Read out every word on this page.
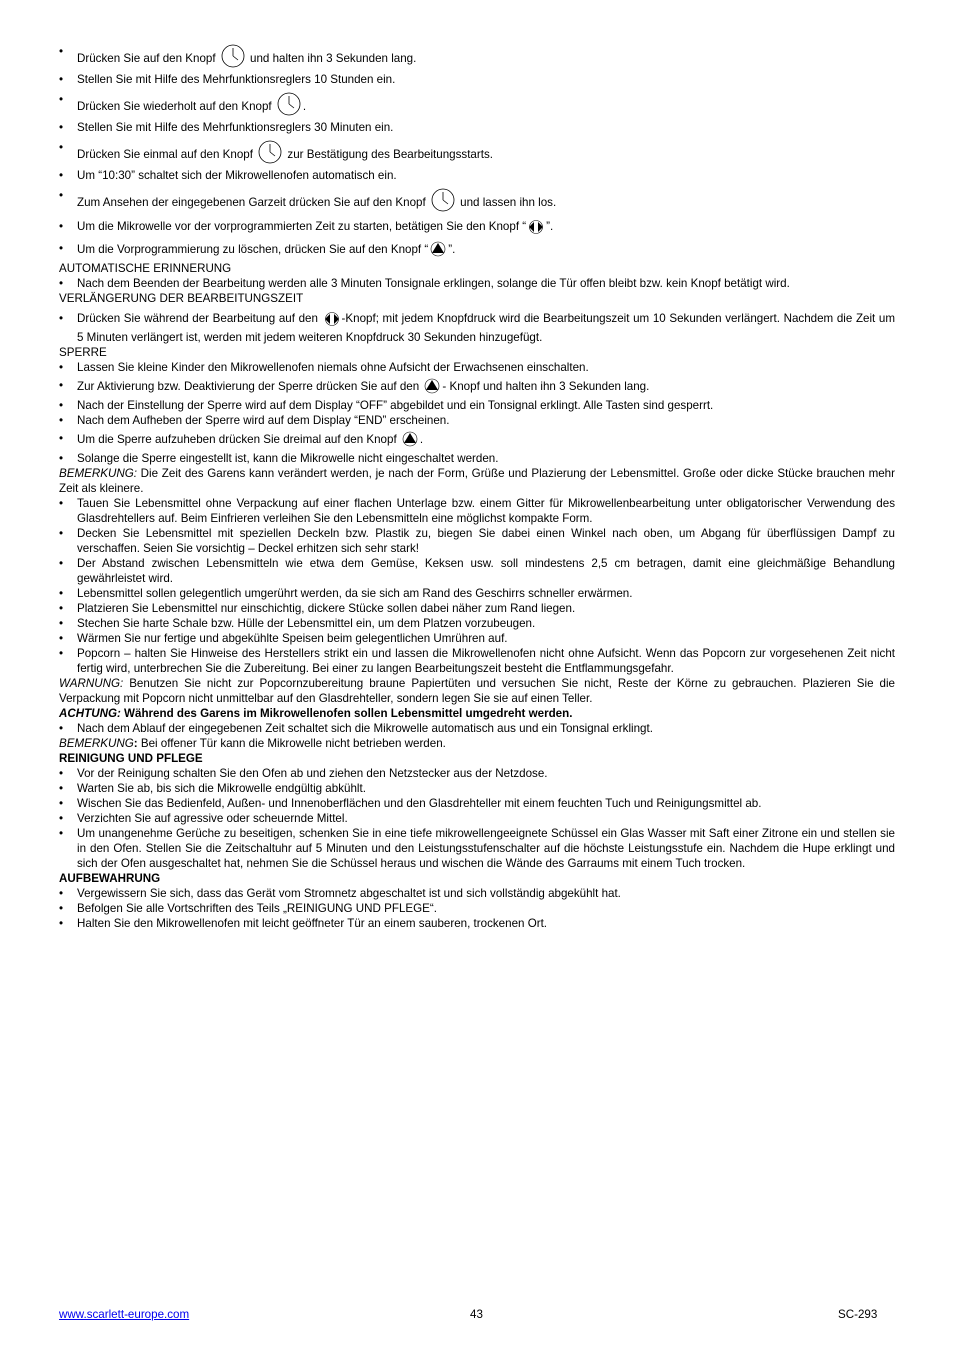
• Drücken Sie auf den Knopf  und halten ihn 3 Sekunden lang.
• Stellen Sie mit Hilfe des Mehrfunktionsreglers 10 Stunden ein.
• Drücken Sie wiederholt auf den Knopf .
• Stellen Sie mit Hilfe des Mehrfunktionsreglers 30 Minuten ein.
• Drücken Sie einmal auf den Knopf  zur Bestätigung des Bearbeitungsstarts.
• Um “10:30” schaltet sich der Mikrowellenofen automatisch ein.
• Zum Ansehen der eingegebenen Garzeit drücken Sie auf den Knopf  und lassen ihn los.
• Um die Mikrowelle vor der vorprogrammierten Zeit zu starten, betätigen Sie den Knopf “ ”.
• Um die Vorprogrammierung zu löschen, drücken Sie auf den Knopf “ ”.
AUTOMATISCHE ERINNERUNG
• Nach dem Beenden der Bearbeitung werden alle 3 Minuten Tonsignale erklingen, solange die Tür offen bleibt bzw. kein Knopf betätigt wird.
VERLÄNGERUNG DER BEARBEITUNGSZEIT
• Drücken Sie während der Bearbeitung auf den -Knopf; mit jedem Knopfdruck wird die Bearbeitungszeit um 10 Sekunden verlängert. Nachdem die Zeit um 5 Minuten verlängert ist, werden mit jedem weiteren Knopfdruck 30 Sekunden hinzugefügt.
SPERRE
• Lassen Sie kleine Kinder den Mikrowellenofen niemals ohne Aufsicht der Erwachsenen einschalten.
• Zur Aktivierung bzw. Deaktivierung der Sperre drücken Sie auf den - Knopf und halten ihn 3 Sekunden lang.
• Nach der Einstellung der Sperre wird auf dem Display “OFF” abgebildet und ein Tonsignal erklingt. Alle Tasten sind gesperrt.
• Nach dem Aufheben der Sperre wird auf dem Display “END” erscheinen.
• Um die Sperre aufzuheben drücken Sie dreimal auf den Knopf .
• Solange die Sperre eingestellt ist, kann die Mikrowelle nicht eingeschaltet werden.
BEMERKUNG: Die Zeit des Garens kann verändert werden, je nach der Form, Grüße und Plazierung der Lebensmittel. Große oder dicke Stücke brauchen mehr Zeit als kleinere.
• Tauen Sie Lebensmittel ohne Verpackung auf einer flachen Unterlage bzw. einem Gitter für Mikrowellenbearbeitung unter obligatorischer Verwendung des Glasdrehtellers auf. Beim Einfrieren verleihen Sie den Lebensmitteln eine möglichst kompakte Form.
• Decken Sie Lebensmittel mit speziellen Deckeln bzw. Plastik zu, biegen Sie dabei einen Winkel nach oben, um Abgang für überflüssigen Dampf zu verschaffen. Seien Sie vorsichtig – Deckel erhitzen sich sehr stark!
• Der Abstand zwischen Lebensmitteln wie etwa dem Gemüse, Keksen usw. soll mindestens 2,5 cm betragen, damit eine gleichmäßige Behandlung gewährleistet wird.
• Lebensmittel sollen gelegentlich umgerührt werden, da sie sich am Rand des Geschirrs schneller erwärmen.
• Platzieren Sie Lebensmittel nur einschichtig, dickere Stücke sollen dabei näher zum Rand liegen.
• Stechen Sie harte Schale bzw. Hülle der Lebensmittel ein, um dem Platzen vorzubeugen.
• Wärmen Sie nur fertige und abgekühlte Speisen beim gelegentlichen Umrühren auf.
• Popcorn – halten Sie Hinweise des Herstellers strikt ein und lassen die Mikrowellenofen nicht ohne Aufsicht. Wenn das Popcorn zur vorgesehenen Zeit nicht fertig wird, unterbrechen Sie die Zubereitung. Bei einer zu langen Bearbeitungszeit besteht die Entflammungsgefahr.
WARNUNG: Benutzen Sie nicht zur Popcornzubereitung braune Papiertüten und versuchen Sie nicht, Reste der Körne zu gebrauchen. Plazieren Sie die Verpackung mit Popcorn nicht unmittelbar auf den Glasdrehteller, sondern legen Sie sie auf einen Teller.
ACHTUNG: Während des Garens im Mikrowellenofen sollen Lebensmittel umgedreht werden.
• Nach dem Ablauf der eingegebenen Zeit schaltet sich die Mikrowelle automatisch aus und ein Tonsignal erklingt.
BEMERKUNG: Bei offener Tür kann die Mikrowelle nicht betrieben werden.
REINIGUNG UND PFLEGE
• Vor der Reinigung schalten Sie den Ofen ab und ziehen den Netzstecker aus der Netzdose.
• Warten Sie ab, bis sich die Mikrowelle endgültig abkühlt.
• Wischen Sie das Bedienfeld, Außen- und Innenoberflächen und den Glasdrehteller mit einem feuchten Tuch und Reinigungsmittel ab.
• Verzichten Sie auf agressive oder scheuernde Mittel.
• Um unangenehme Gerüche zu beseitigen, schenken Sie in eine tiefe mikrowellengeeignete Schüssel ein Glas Wasser mit Saft einer Zitrone ein und stellen sie in den Ofen. Stellen Sie die Zeitschaltuhr auf 5 Minuten und den Leistungsstufenschalter auf die höchste Leistungsstufe ein. Nachdem die Hupe erklingt und sich der Ofen ausgeschaltet hat, nehmen Sie die Schüssel heraus und wischen die Wände des Garraums mit einem Tuch trocken.
AUFBEWAHRUNG
• Vergewissern Sie sich, dass das Gerät vom Stromnetz abgeschaltet ist und sich vollständig abgekühlt hat.
• Befolgen Sie alle Vortschriften des Teils „REINIGUNG UND PFLEGE“.
• Halten Sie den Mikrowellenofen mit leicht geöffneter Tür an einem sauberen, trockenen Ort.
www.scarlett-europe.com	43	SC-293
